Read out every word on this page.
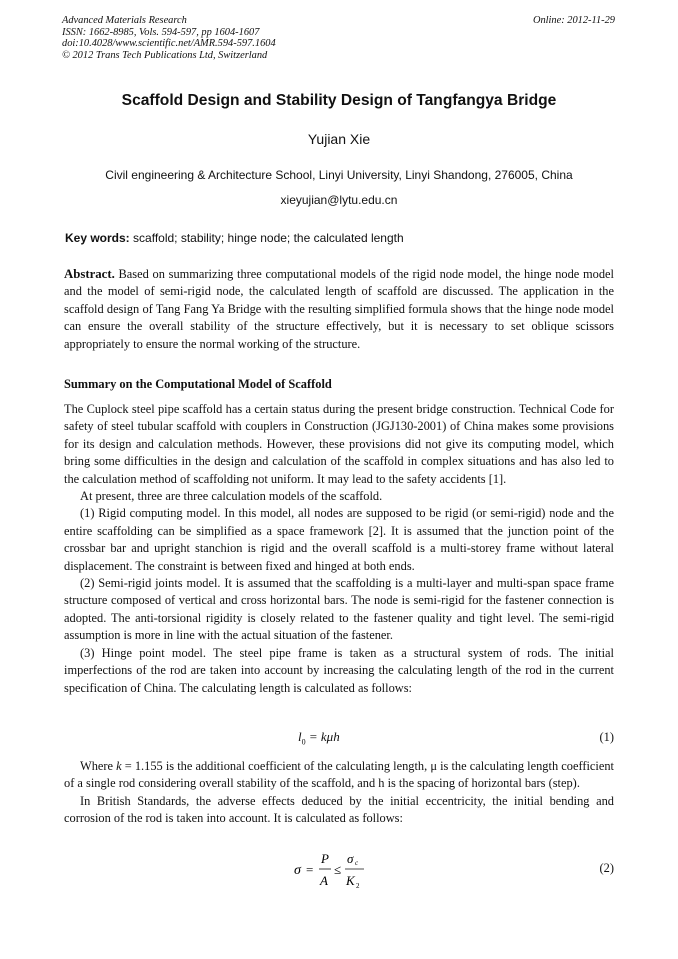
Advanced Materials Research
ISSN: 1662-8985, Vols. 594-597, pp 1604-1607
doi:10.4028/www.scientific.net/AMR.594-597.1604
© 2012 Trans Tech Publications Ltd, Switzerland
Online: 2012-11-29
Scaffold Design and Stability Design of Tangfangya Bridge
Yujian Xie
Civil engineering & Architecture School, Linyi University, Linyi Shandong, 276005, China
xieyujian@lytu.edu.cn
Key words: scaffold; stability; hinge node; the calculated length
Abstract. Based on summarizing three computational models of the rigid node model, the hinge node model and the model of semi-rigid node, the calculated length of scaffold are discussed. The application in the scaffold design of Tang Fang Ya Bridge with the resulting simplified formula shows that the hinge node model can ensure the overall stability of the structure effectively, but it is necessary to set oblique scissors appropriately to ensure the normal working of the structure.
Summary on the Computational Model of Scaffold

The Cuplock steel pipe scaffold has a certain status during the present bridge construction. Technical Code for safety of steel tubular scaffold with couplers in Construction (JGJ130-2001) of China makes some provisions for its design and calculation methods. However, these provisions did not give its computing model, which bring some difficulties in the design and calculation of the scaffold in complex situations and has also led to the calculation method of scaffolding not uniform. It may lead to the safety accidents [1].

At present, three are three calculation models of the scaffold.

(1) Rigid computing model. In this model, all nodes are supposed to be rigid (or semi-rigid) node and the entire scaffolding can be simplified as a space framework [2]. It is assumed that the junction point of the crossbar bar and upright stanchion is rigid and the overall scaffold is a multi-storey frame without lateral displacement. The constraint is between fixed and hinged at both ends.

(2) Semi-rigid joints model. It is assumed that the scaffolding is a multi-layer and multi-span space frame structure composed of vertical and cross horizontal bars. The node is semi-rigid for the fastener connection is adopted. The anti-torsional rigidity is closely related to the fastener quality and tight level. The semi-rigid assumption is more in line with the actual situation of the fastener.

(3) Hinge point model. The steel pipe frame is taken as a structural system of rods. The initial imperfections of the rod are taken into account by increasing the calculating length of the rod in the current specification of China. The calculating length is calculated as follows:

$l_0 = k\mu h$	(1)

Where k = 1.155 is the additional coefficient of the calculating length, μ is the calculating length coefficient of a single rod considering overall stability of the scaffold, and h is the spacing of horizontal bars (step).

In British Standards, the adverse effects deduced by the initial eccentricity, the initial bending and corrosion of the rod is taken into account. It is calculated as follows:

σ =
P
A
≤
σ c
K 2
(2)
